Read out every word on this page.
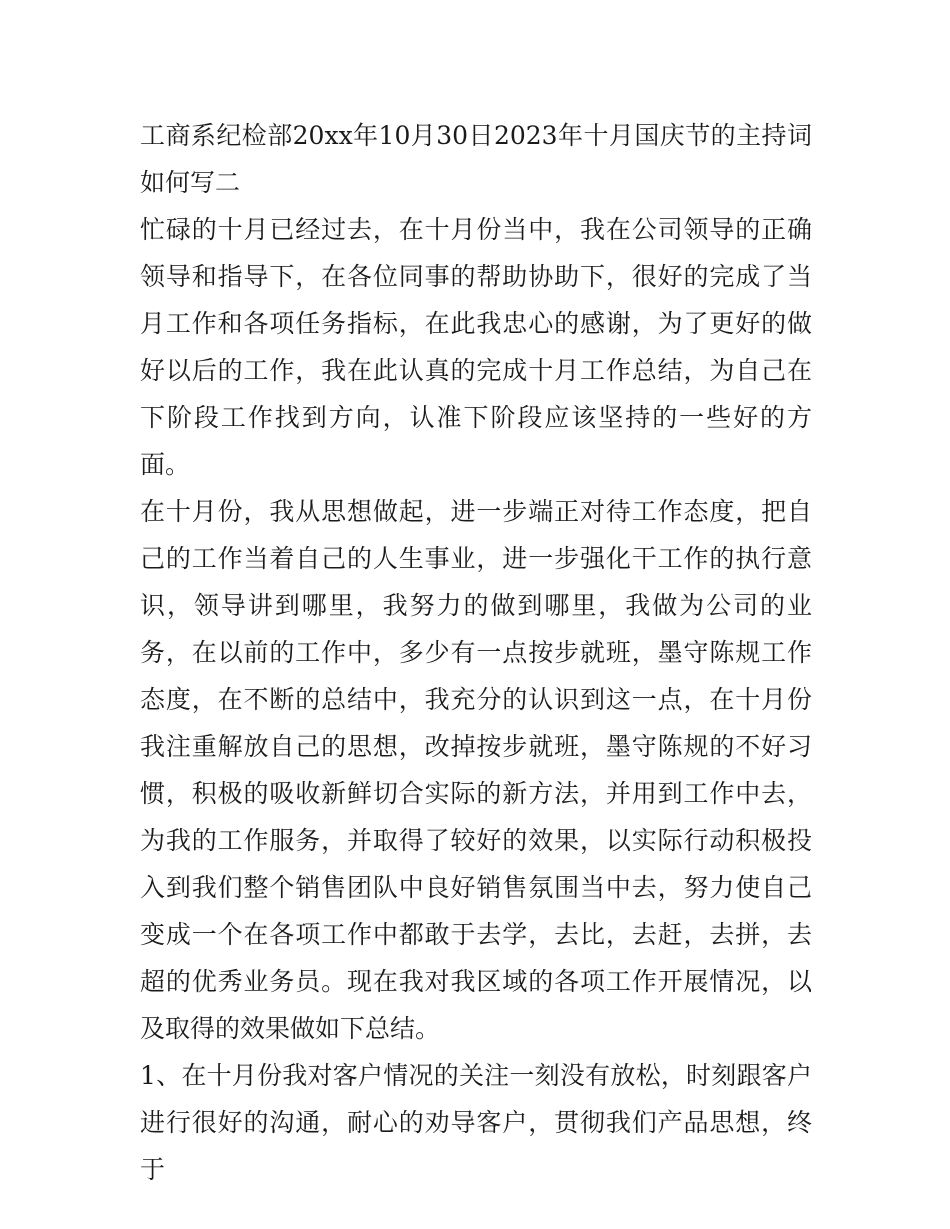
工商系纪检部20xx年10月30日2023年十月国庆节的主持词如何写二

忙碌的十月已经过去，在十月份当中，我在公司领导的正确领导和指导下，在各位同事的帮助协助下，很好的完成了当月工作和各项任务指标，在此我忠心的感谢，为了更好的做好以后的工作，我在此认真的完成十月工作总结，为自己在下阶段工作找到方向，认准下阶段应该坚持的一些好的方面。

在十月份，我从思想做起，进一步端正对待工作态度，把自己的工作当着自己的人生事业，进一步强化干工作的执行意识，领导讲到哪里，我努力的做到哪里，我做为公司的业务，在以前的工作中，多少有一点按步就班，墨守陈规工作态度，在不断的总结中，我充分的认识到这一点，在十月份我注重解放自己的思想，改掉按步就班，墨守陈规的不好习惯，积极的吸收新鲜切合实际的新方法，并用到工作中去，为我的工作服务，并取得了较好的效果，以实际行动积极投入到我们整个销售团队中良好销售氛围当中去，努力使自己变成一个在各项工作中都敢于去学，去比，去赶，去拼，去超的优秀业务员。现在我对我区域的各项工作开展情况，以及取得的效果做如下总结。

1、在十月份我对客户情况的关注一刻没有放松，时刻跟客户进行很好的沟通，耐心的劝导客户，贯彻我们产品思想，终于
